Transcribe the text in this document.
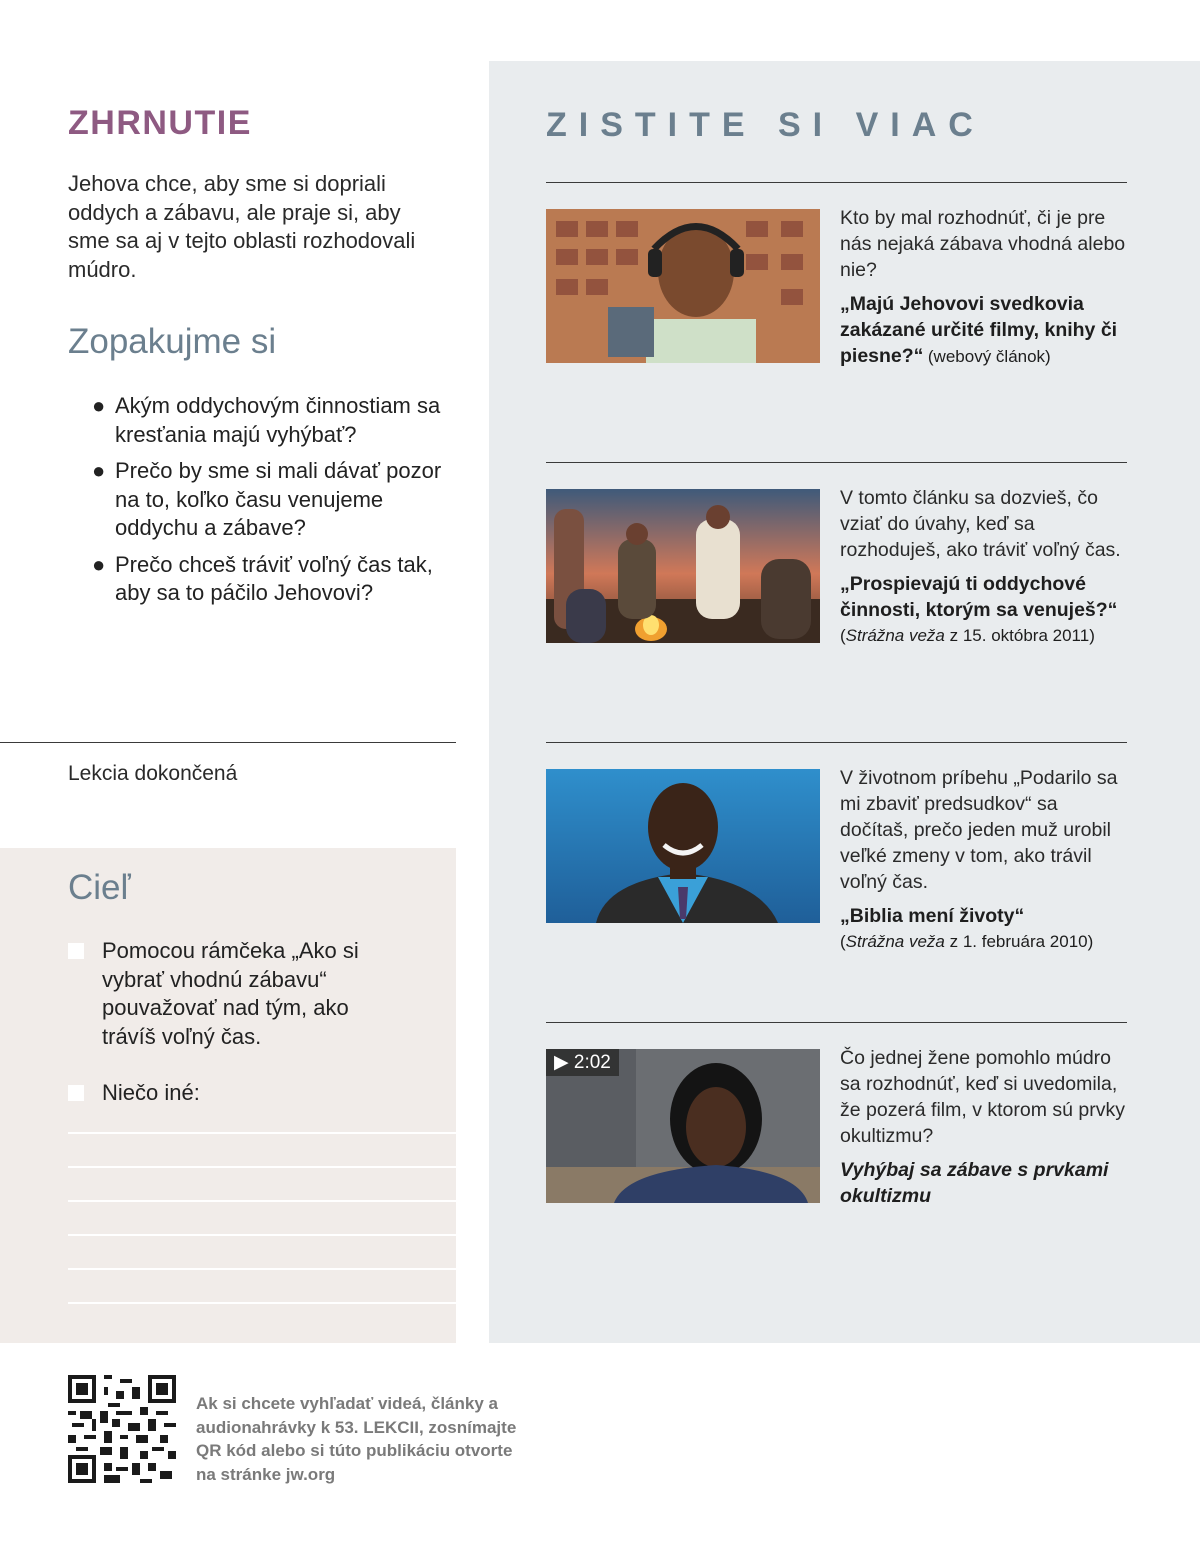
ZHRNUTIE

Jehova chce, aby sme si dopriali oddych a zábavu, ale praje si, aby sme sa aj v tejto oblasti rozhodovali múdro.

Zopakujme si
● Akým oddychovým činnostiam sa kresťania majú vyhýbať?
● Prečo by sme si mali dávať pozor na to, koľko času venujeme oddychu a zábave?
● Prečo chceš tráviť voľný čas tak, aby sa to páčilo Jehovovi?

Lekcia dokončená

Cieľ
Pomocou rámčeka „Ako si vybrať vhodnú zábavu“ pouvažovať nad tým, ako trávíš voľný čas.
Niečo iné:
ZISTITE SI VIAC

Kto by mal rozhodnúť, či je pre nás nejaká zábava vhodná alebo nie?

„Majú Jehovovi svedkovia zakázané určité filmy, knihy či piesne?“ (webový článok)

V tomto článku sa dozvieš, čo vziať do úvahy, keď sa rozhoduješ, ako tráviť voľný čas.

„Prospievajú ti oddychové činnosti, ktorým sa venuješ?“
(Strážna veža z 15. októbra 2011)

V životnom príbehu „Podarilo sa mi zbaviť predsudkov“ sa dočítaš, prečo jeden muž urobil veľké zmeny v tom, ako trávil voľný čas.

„Biblia mení životy“
(Strážna veža z 1. februára 2010)
▶ 2:02	Čo jednej žene pomohlo múdro sa rozhodnúť, keď si uvedomila, že pozerá film, v ktorom sú prvky okultizmu?

Vyhýbaj sa zábave s prvkami okultizmu

Ak si chcete vyhľadať videá, články a audionahrávky k 53. LEKCII, zosnímajte QR kód alebo si túto publikáciu otvorte na stránke jw.org
